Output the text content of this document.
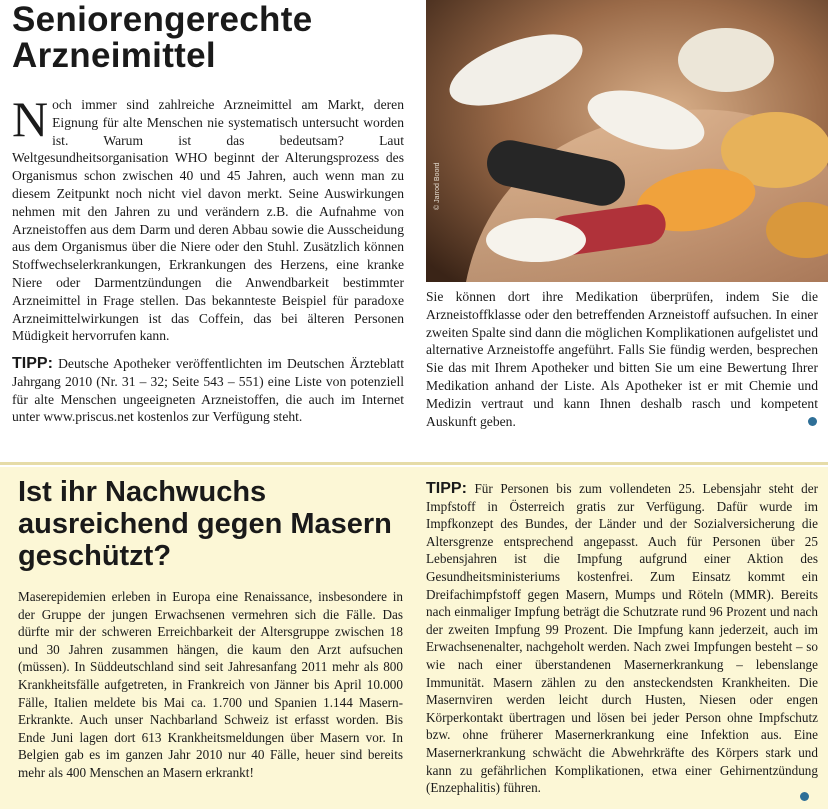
Seniorengerechte Arzneimittel
Noch immer sind zahlreiche Arzneimittel am Markt, deren Eignung für alte Menschen nie systematisch untersucht worden ist. Warum ist das bedeutsam? Laut Weltgesundheitsorganisation WHO beginnt der Alterungsprozess des Organismus schon zwischen 40 und 45 Jahren, auch wenn man zu diesem Zeitpunkt noch nicht viel davon merkt. Seine Auswirkungen nehmen mit den Jahren zu und verändern z.B. die Aufnahme von Arzneistoffen aus dem Darm und deren Abbau sowie die Ausscheidung aus dem Organismus über die Niere oder den Stuhl. Zusätzlich können Stoffwechselerkrankungen, Erkrankungen des Herzens, eine kranke Niere oder Darmentzündungen die Anwendbarkeit bestimmter Arzneimittel in Frage stellen. Das bekannteste Beispiel für paradoxe Arzneimittelwirkungen ist das Coffein, das bei älteren Personen Müdigkeit hervorrufen kann.
TIPP: Deutsche Apotheker veröffentlichten im Deutschen Ärzteblatt Jahrgang 2010 (Nr. 31 – 32; Seite 543 – 551) eine Liste von potenziell für alte Menschen ungeeigneten Arzneistoffen, die auch im Internet unter www.priscus.net kostenlos zur Verfügung steht.
© Jarrod Boord
Sie können dort ihre Medikation überprüfen, indem Sie die Arzneistoffklasse oder den betreffenden Arzneistoff aufsuchen. In einer zweiten Spalte sind dann die möglichen Komplikationen aufgelistet und alternative Arzneistoffe angeführt. Falls Sie fündig werden, besprechen Sie das mit Ihrem Apotheker und bitten Sie um eine Bewertung Ihrer Medikation anhand der Liste. Als Apotheker ist er mit Chemie und Medizin vertraut und kann Ihnen deshalb rasch und kompetent Auskunft geben.
Ist ihr Nachwuchs ausreichend gegen Masern geschützt?
Maserepidemien erleben in Europa eine Renaissance, insbesondere in der Gruppe der jungen Erwachsenen vermehren sich die Fälle. Das dürfte mir der schweren Erreichbarkeit der Altersgruppe zwischen 18 und 30 Jahren zusammen hängen, die kaum den Arzt aufsuchen (müssen). In Süddeutschland sind seit Jahresanfang 2011 mehr als 800 Krankheitsfälle aufgetreten, in Frankreich von Jänner bis April 10.000 Fälle, Italien meldete bis Mai ca. 1.700 und Spanien 1.144 Masern-Erkrankte. Auch unser Nachbarland Schweiz ist erfasst worden. Bis Ende Juni lagen dort 613 Krankheitsmeldungen über Masern vor. In Belgien gab es im ganzen Jahr 2010 nur 40 Fälle, heuer sind bereits mehr als 400 Menschen an Masern erkrankt!
TIPP: Für Personen bis zum vollendeten 25. Lebensjahr steht der Impfstoff in Österreich gratis zur Verfügung. Dafür wurde im Impfkonzept des Bundes, der Länder und der Sozialversicherung die Altersgrenze entsprechend angepasst. Auch für Personen über 25 Lebensjahren ist die Impfung aufgrund einer Aktion des Gesundheitsministeriums kostenfrei. Zum Einsatz kommt ein Dreifachimpfstoff gegen Masern, Mumps und Röteln (MMR). Bereits nach einmaliger Impfung beträgt die Schutzrate rund 96 Prozent und nach der zweiten Impfung 99 Prozent. Die Impfung kann jederzeit, auch im Erwachsenenalter, nachgeholt werden. Nach zwei Impfungen besteht – so wie nach einer überstandenen Masernerkrankung – lebenslange Immunität. Masern zählen zu den ansteckendsten Krankheiten. Die Masernviren werden leicht durch Husten, Niesen oder engen Körperkontakt übertragen und lösen bei jeder Person ohne Impfschutz bzw. ohne früherer Masernerkrankung eine Infektion aus. Eine Masernerkrankung schwächt die Abwehrkräfte des Körpers stark und kann zu gefährlichen Komplikationen, etwa einer Gehirnentzündung (Enzephalitis) führen.
